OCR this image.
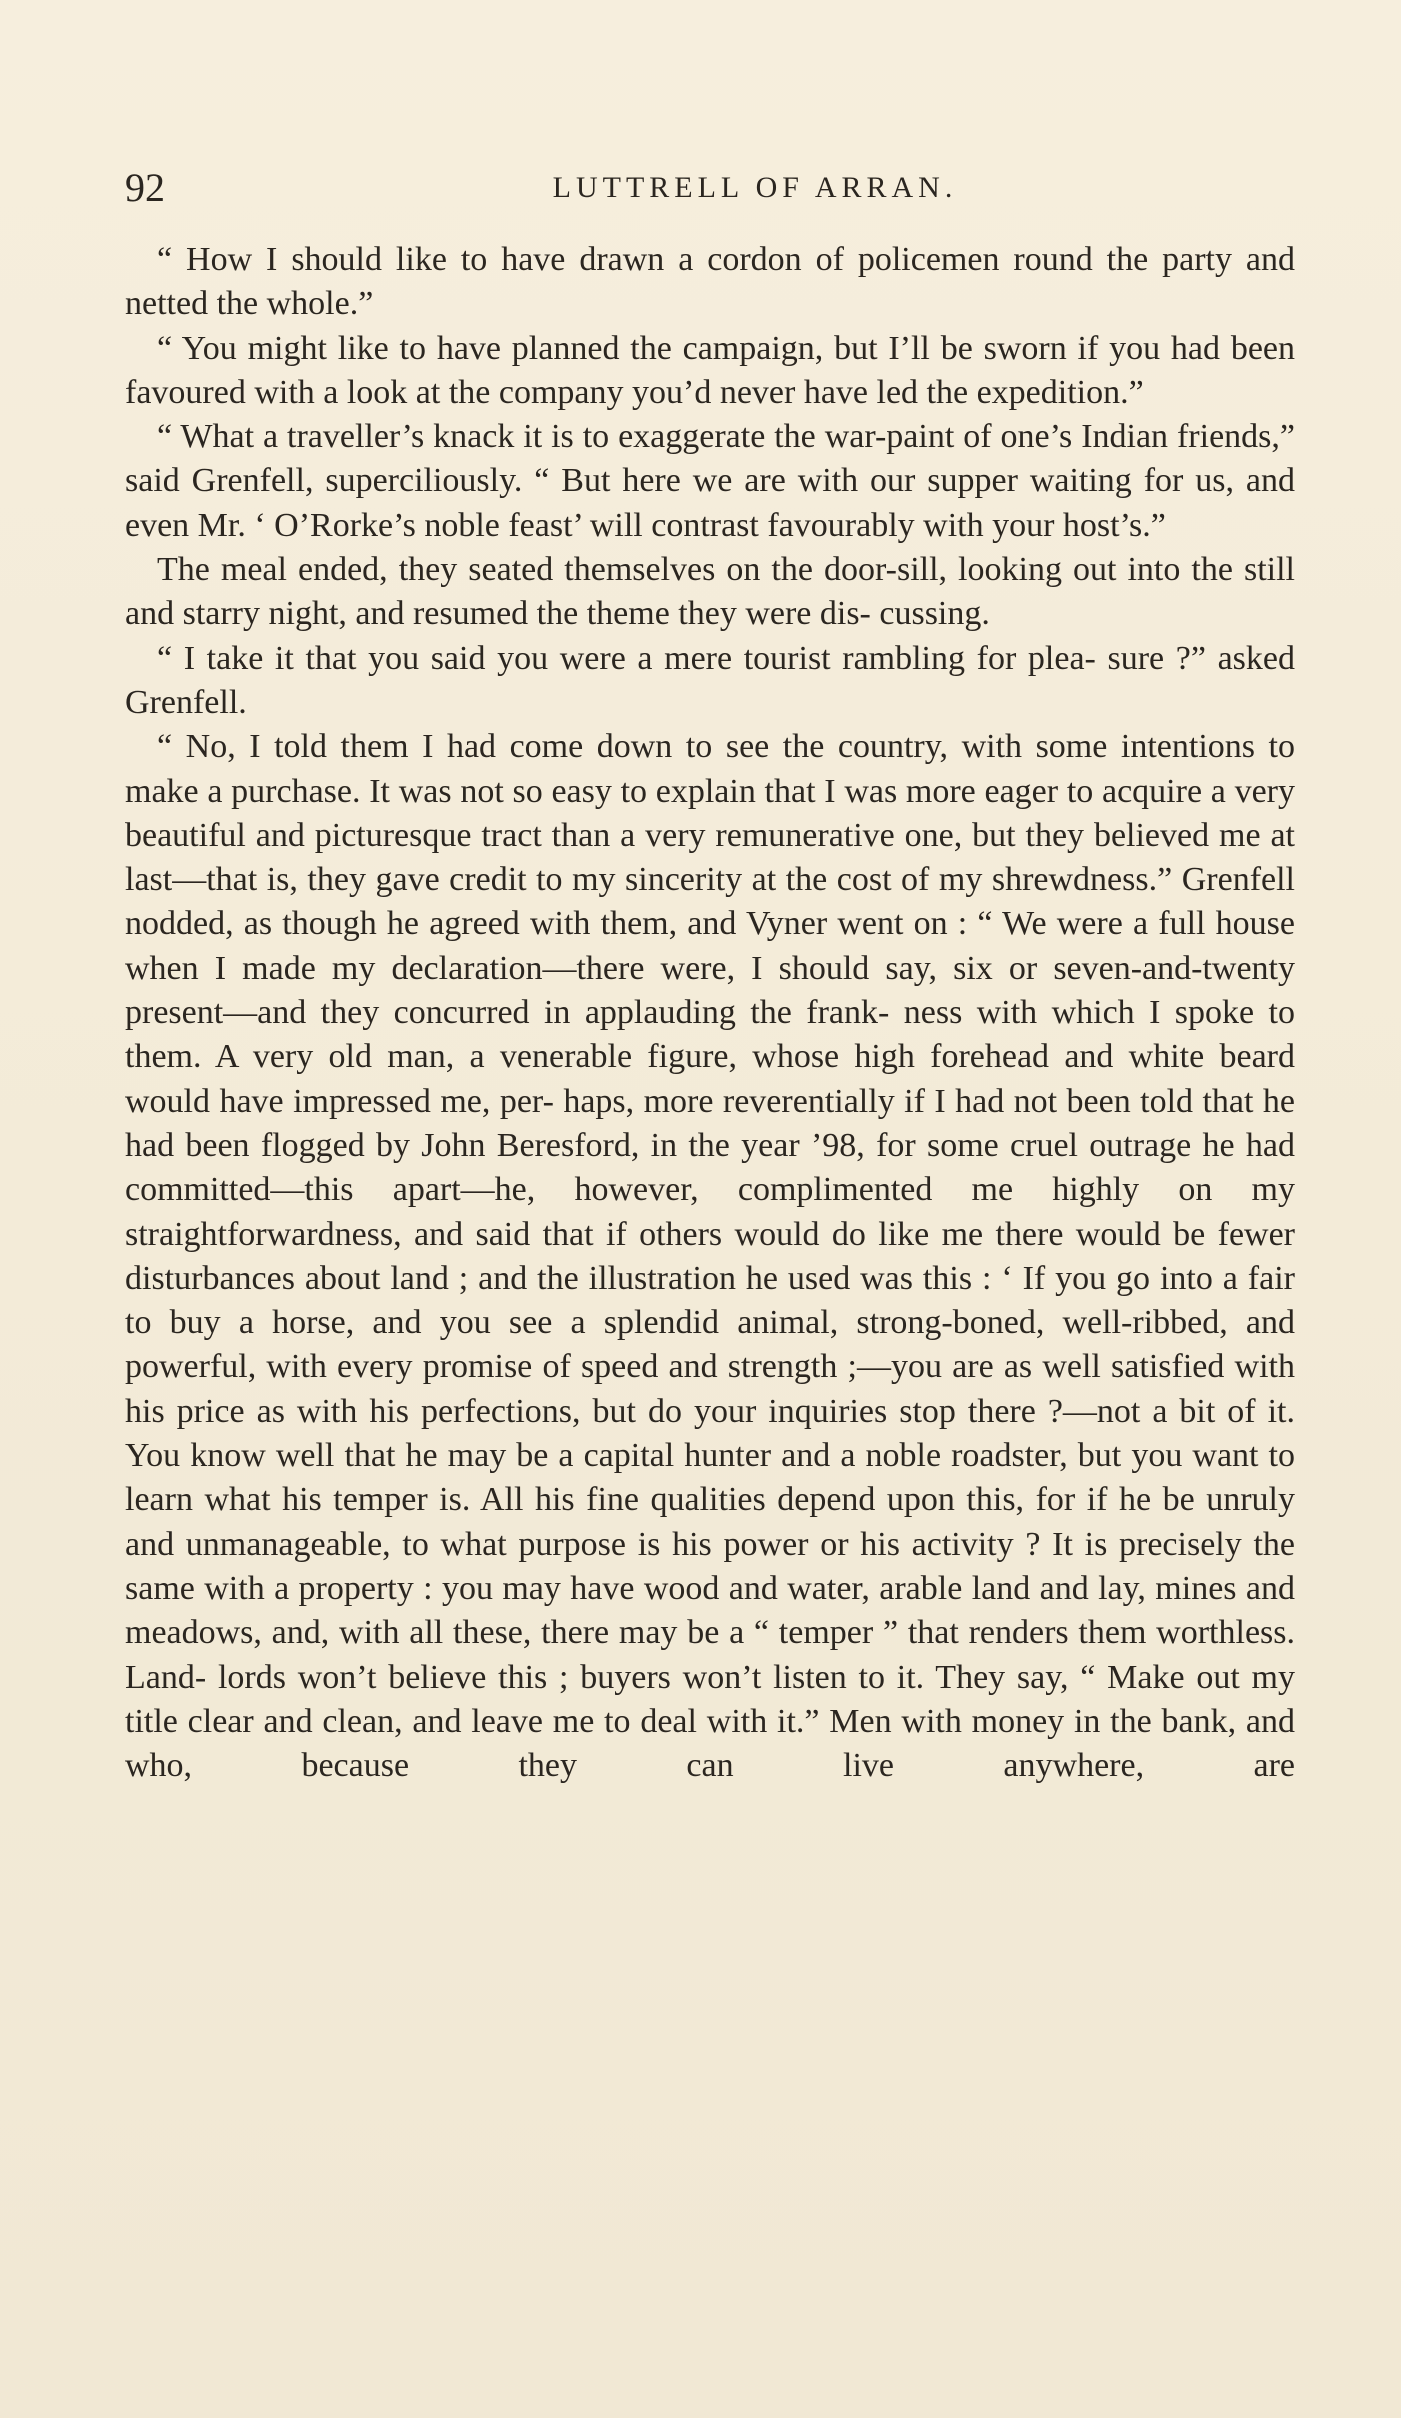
92	LUTTRELL OF ARRAN.

“ How I should like to have drawn a cordon of policemen round the party and netted the whole.”

“ You might like to have planned the campaign, but I’ll be sworn if you had been favoured with a look at the company you’d never have led the expedition.”

“ What a traveller’s knack it is to exaggerate the war-paint of one’s Indian friends,” said Grenfell, superciliously. “ But here we are with our supper waiting for us, and even Mr. ‘ O’Rorke’s noble feast’ will contrast favourably with your host’s.”

The meal ended, they seated themselves on the door-sill, looking out into the still and starry night, and resumed the theme they were dis- cussing.

“ I take it that you said you were a mere tourist rambling for plea- sure ?” asked Grenfell.

“ No, I told them I had come down to see the country, with some intentions to make a purchase. It was not so easy to explain that I was more eager to acquire a very beautiful and picturesque tract than a very remunerative one, but they believed me at last—that is, they gave credit to my sincerity at the cost of my shrewdness.” Grenfell nodded, as though he agreed with them, and Vyner went on : “ We were a full house when I made my declaration—there were, I should say, six or seven-and-twenty present—and they concurred in applauding the frank- ness with which I spoke to them. A very old man, a venerable figure, whose high forehead and white beard would have impressed me, per- haps, more reverentially if I had not been told that he had been flogged by John Beresford, in the year ’98, for some cruel outrage he had committed—this apart—he, however, complimented me highly on my straightforwardness, and said that if others would do like me there would be fewer disturbances about land ; and the illustration he used was this : ‘ If you go into a fair to buy a horse, and you see a splendid animal, strong-boned, well-ribbed, and powerful, with every promise of speed and strength ;—you are as well satisfied with his price as with his perfections, but do your inquiries stop there ?—not a bit of it. You know well that he may be a capital hunter and a noble roadster, but you want to learn what his temper is. All his fine qualities depend upon this, for if he be unruly and unmanageable, to what purpose is his power or his activity ? It is precisely the same with a property : you may have wood and water, arable land and lay, mines and meadows, and, with all these, there may be a “ temper ” that renders them worthless. Land- lords won’t believe this ; buyers won’t listen to it. They say, “ Make out my title clear and clean, and leave me to deal with it.” Men with money in the bank, and who, because they can live anywhere, are
